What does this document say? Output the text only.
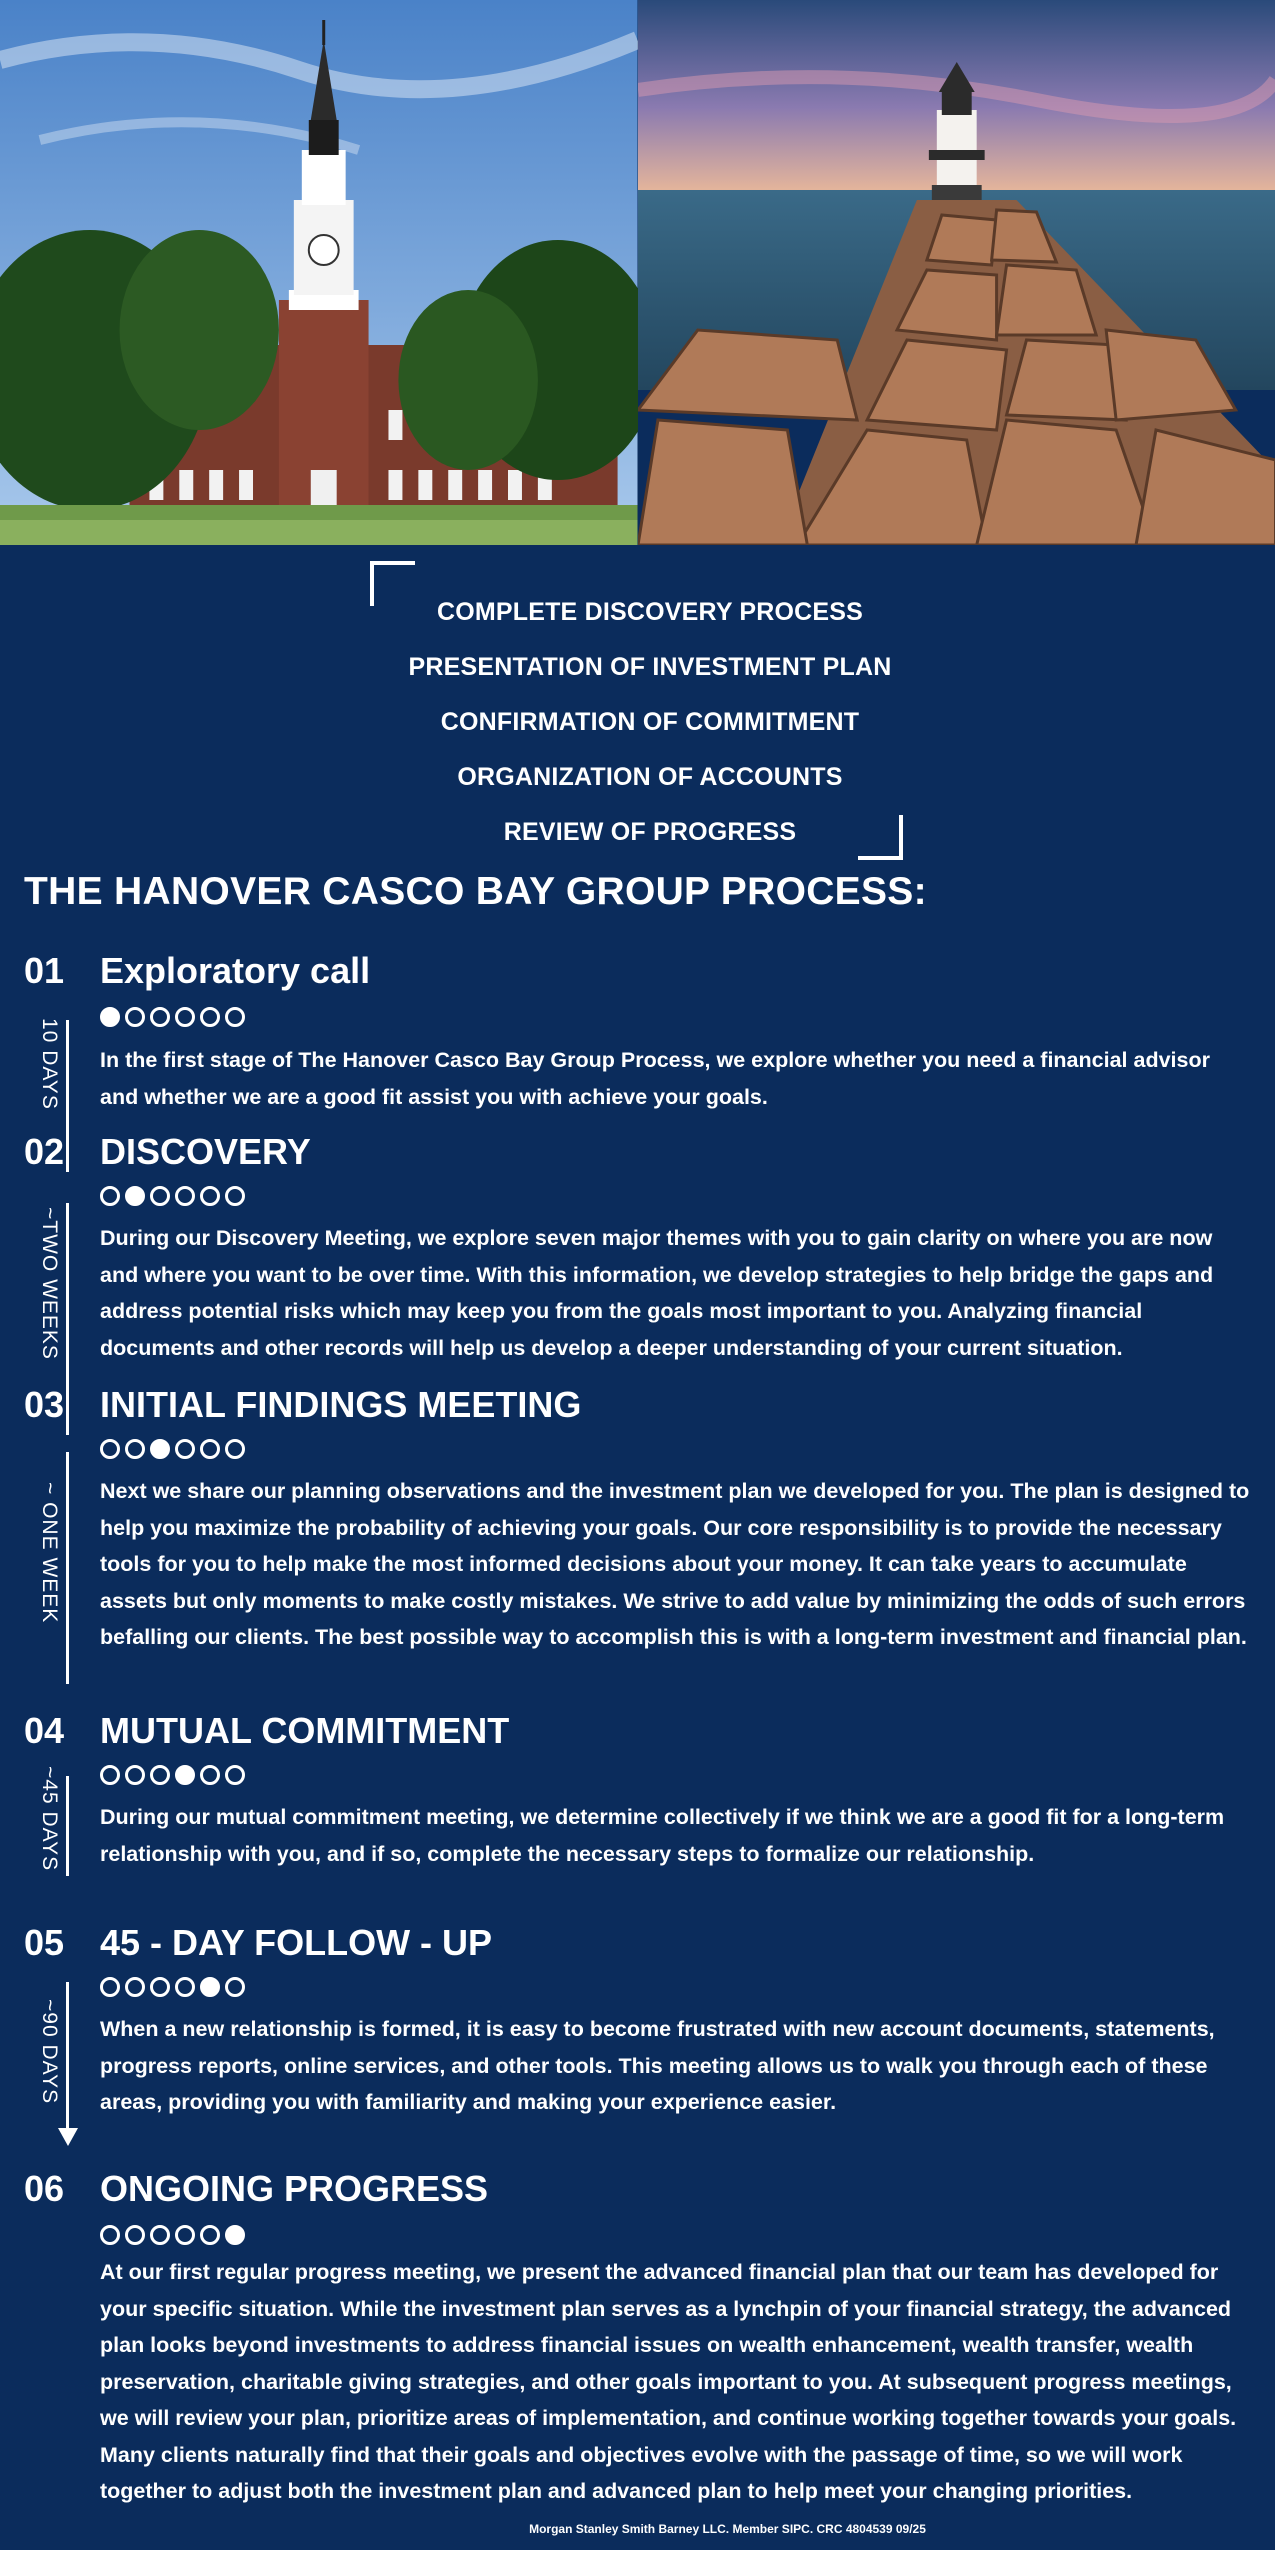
COMPLETE DISCOVERY PROCESS
PRESENTATION OF INVESTMENT PLAN
CONFIRMATION OF COMMITMENT
ORGANIZATION OF ACCOUNTS
REVIEW OF PROGRESS
THE HANOVER CASCO BAY GROUP PROCESS:
01 Exploratory call
10 DAYS In the first stage of The Hanover Casco Bay Group Process, we explore whether you need a financial advisor and whether we are a good fit assist you with achieve your goals.

02 DISCOVERY
~TWO WEEKS During our Discovery Meeting, we explore seven major themes with you to gain clarity on where you are now and where you want to be over time. With this information, we develop strategies to help bridge the gaps and address potential risks which may keep you from the goals most important to you. Analyzing financial documents and other records will help us develop a deeper understanding of your current situation.

03 INITIAL FINDINGS MEETING
~ ONE WEEK Next we share our planning observations and the investment plan we developed for you. The plan is designed to help you maximize the probability of achieving your goals. Our core responsibility is to provide the necessary tools for you to help make the most informed decisions about your money. It can take years to accumulate assets but only moments to make costly mistakes. We strive to add value by minimizing the odds of such errors befalling our clients. The best possible way to accomplish this is with a long-term investment and financial plan.

04 MUTUAL COMMITMENT
~45 DAYS During our mutual commitment meeting, we determine collectively if we think we are a good fit for a long-term relationship with you, and if so, complete the necessary steps to formalize our relationship.

05 45 - DAY FOLLOW - UP
~90 DAYS When a new relationship is formed, it is easy to become frustrated with new account documents, statements, progress reports, online services, and other tools. This meeting allows us to walk you through each of these areas, providing you with familiarity and making your experience easier.

06 ONGOING PROGRESS

At our first regular progress meeting, we present the advanced financial plan that our team has developed for your specific situation. While the investment plan serves as a lynchpin of your financial strategy, the advanced plan looks beyond investments to address financial issues on wealth enhancement, wealth transfer, wealth preservation, charitable giving strategies, and other goals important to you. At subsequent progress meetings, we will review your plan, prioritize areas of implementation, and continue working together towards your goals. Many clients naturally find that their goals and objectives evolve with the passage of time, so we will work together to adjust both the investment plan and advanced plan to help meet your changing priorities.

Morgan Stanley Smith Barney LLC. Member SIPC. CRC 4804539 09/25
